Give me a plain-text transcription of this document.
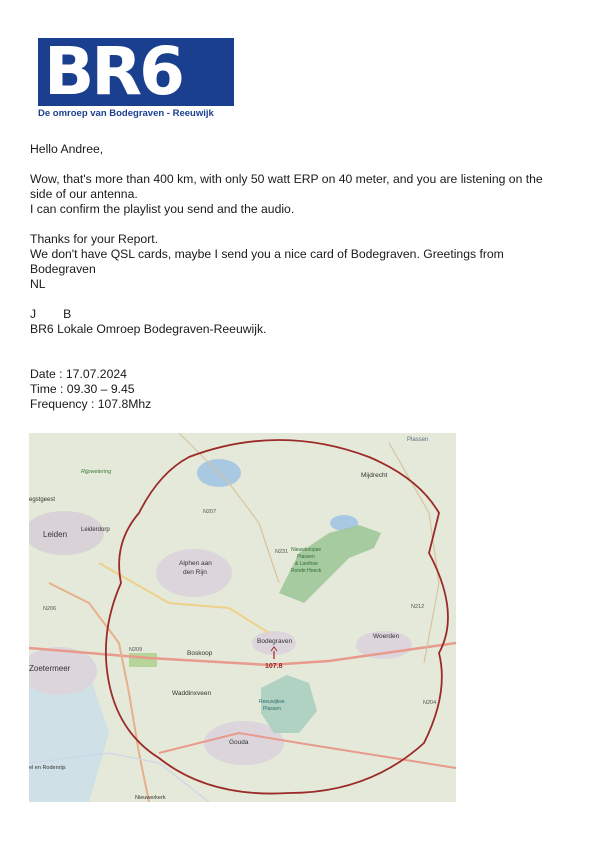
BR6
De omroep van Bodegraven - Reeuwijk

Hello Andree,

Wow, that's more than 400 km, with only 50 watt ERP on 40 meter, and you are listening on the

side of our antenna.

I can confirm the playlist you send and the audio.

Thanks for your Report.

We don't have QSL cards, maybe I send you a nice card of Bodegraven. Greetings from Bodegraven

NL

J        B

BR6 Lokale Omroep Bodegraven-Reeuwijk.

Date : 17.07.2024

Time : 09.30 – 9.45

Frequency : 107.8Mhz

Plassen
Mijdrecht
Rijpwetering
egstgeest
Leiden Leiderdorp
N207
N231
Alphen aan
den Rijn
Nieuwkoopse
Plassen
& Loethoe
Ronde Hoeck
N206	N212
N209	Boskoop
Bodegraven
Woerden
Zoetermeer
Reeuwijkse
Plassen
Waddinxveen
Gouda
N204
el en Rodenrijs
Nieuwerkerk
107.8
